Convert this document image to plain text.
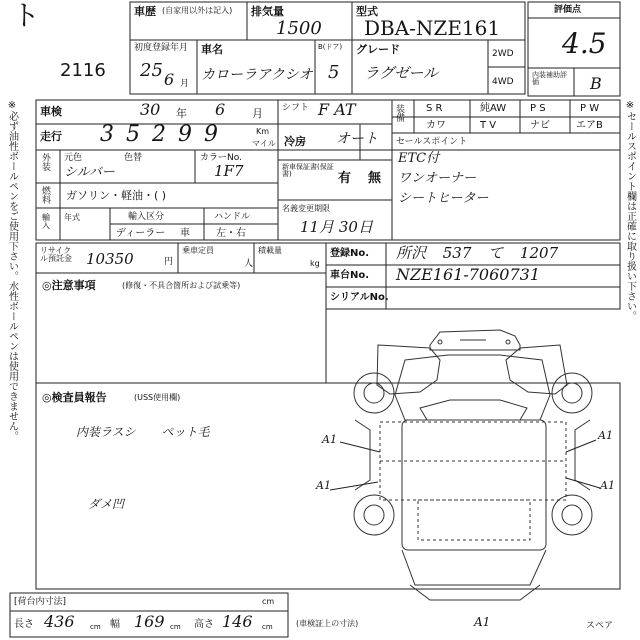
ト
2116
※必ず油性ボールペンをご使用下さい。水性ボールペンは使用できません。	※セールスポイント欄は正確に取り扱い下さい。
車歴 (自家用以外は記入) 排気量
1500
型式
DBA-NZE161
初度登録年月
25 6 月
車名
カローラアクシオ
B(ドア)
5
グレード
ラグゼール
2WD
4WD
評価点
4.5
内装補助評価	B
車検	30 年 6 月 シフト F AT
走行 35299	Km
マイル 冷房 オート
外装
元色	色替
シルバー
カラーNo.
1F7
燃料	ガソリン・軽油・( )
新車保証書(保証書)	有 無
輸入
年式	輸入区分
ディーラー 車
ハンドル
左・右
名義変更期限
11月 30日
装備
S R	純AW P S	P W
カワ	T V	ナビ	エアB
セールスポイント
ETC付
ワンオーナー
シートヒーター
リサイクル預託金 10350	円
乗車定員
人
積載量
kg
登録No. 所沢 537 て 1207
車台No. NZE161-7060731
シリアルNo.
◎注意事項	(修復・不具合箇所および試乗等)
◎検査員報告	(USS使用欄)
内装ラスシ ペット毛
ダメ凹
A1
A1
A1
A1
[荷台内寸法]	cm
長さ 436 cm 幅 169 cm 高さ 146 cm	(車検証上の寸法)	A1	スペア
